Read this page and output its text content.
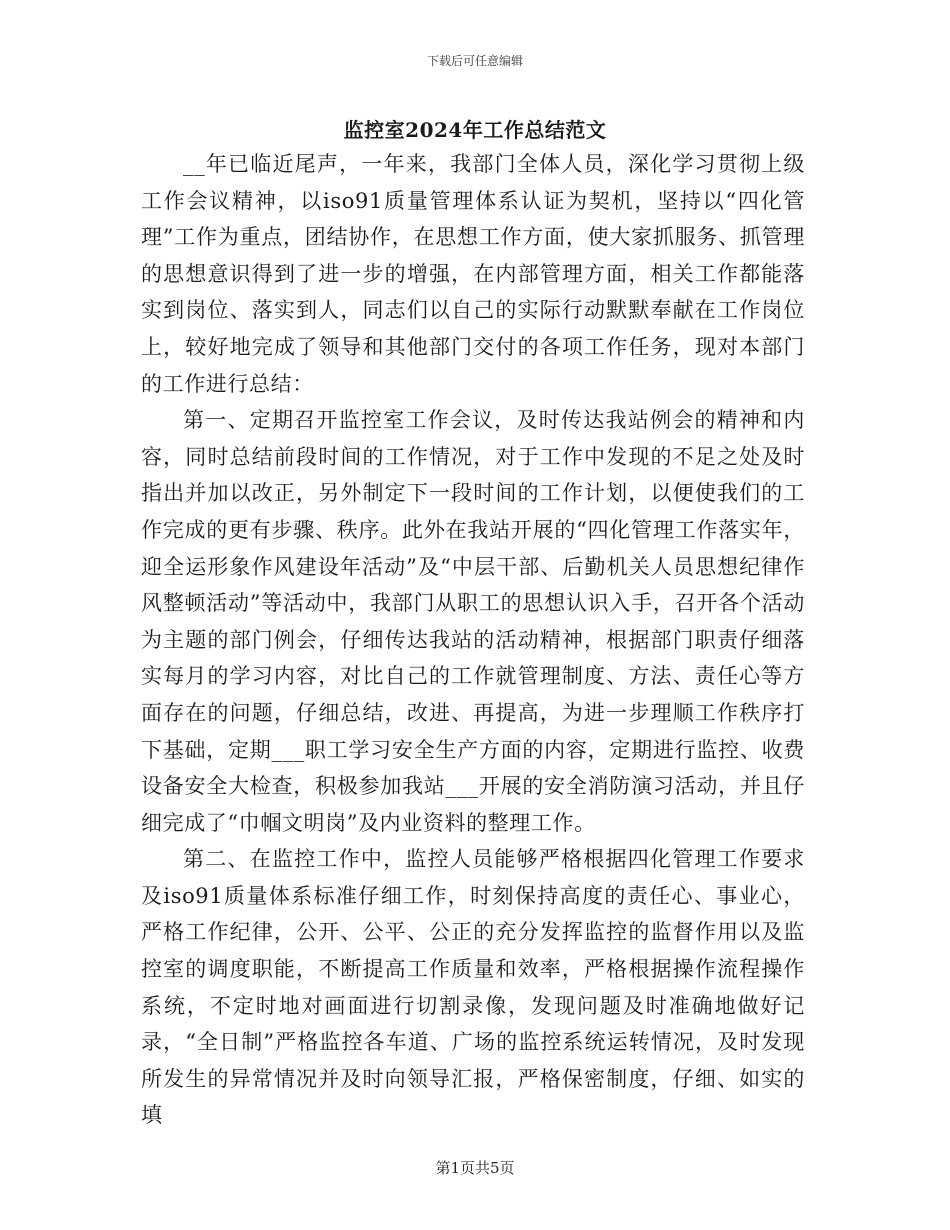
下载后可任意编辑
监控室2024年工作总结范文

__年已临近尾声，一年来，我部门全体人员，深化学习贯彻上级工作会议精神，以iso91质量管理体系认证为契机，坚持以“四化管理”工作为重点，团结协作，在思想工作方面，使大家抓服务、抓管理的思想意识得到了进一步的增强，在内部管理方面，相关工作都能落实到岗位、落实到人，同志们以自己的实际行动默默奉献在工作岗位上，较好地完成了领导和其他部门交付的各项工作任务，现对本部门的工作进行总结：

第一、定期召开监控室工作会议，及时传达我站例会的精神和内容，同时总结前段时间的工作情况，对于工作中发现的不足之处及时指出并加以改正，另外制定下一段时间的工作计划，以便使我们的工作完成的更有步骤、秩序。此外在我站开展的“四化管理工作落实年，迎全运形象作风建设年活动”及“中层干部、后勤机关人员思想纪律作风整顿活动”等活动中，我部门从职工的思想认识入手，召开各个活动为主题的部门例会，仔细传达我站的活动精神，根据部门职责仔细落实每月的学习内容，对比自己的工作就管理制度、方法、责任心等方面存在的问题，仔细总结，改进、再提高，为进一步理顺工作秩序打下基础，定期___职工学习安全生产方面的内容，定期进行监控、收费设备安全大检查，积极参加我站___开展的安全消防演习活动，并且仔细完成了“巾帼文明岗”及内业资料的整理工作。

第二、在监控工作中，监控人员能够严格根据四化管理工作要求及iso91质量体系标准仔细工作，时刻保持高度的责任心、事业心，严格工作纪律，公开、公平、公正的充分发挥监控的监督作用以及监控室的调度职能，不断提高工作质量和效率，严格根据操作流程操作系统，不定时地对画面进行切割录像，发现问题及时准确地做好记录，“全日制”严格监控各车道、广场的监控系统运转情况，及时发现所发生的异常情况并及时向领导汇报，严格保密制度，仔细、如实的填

第1页共5页
